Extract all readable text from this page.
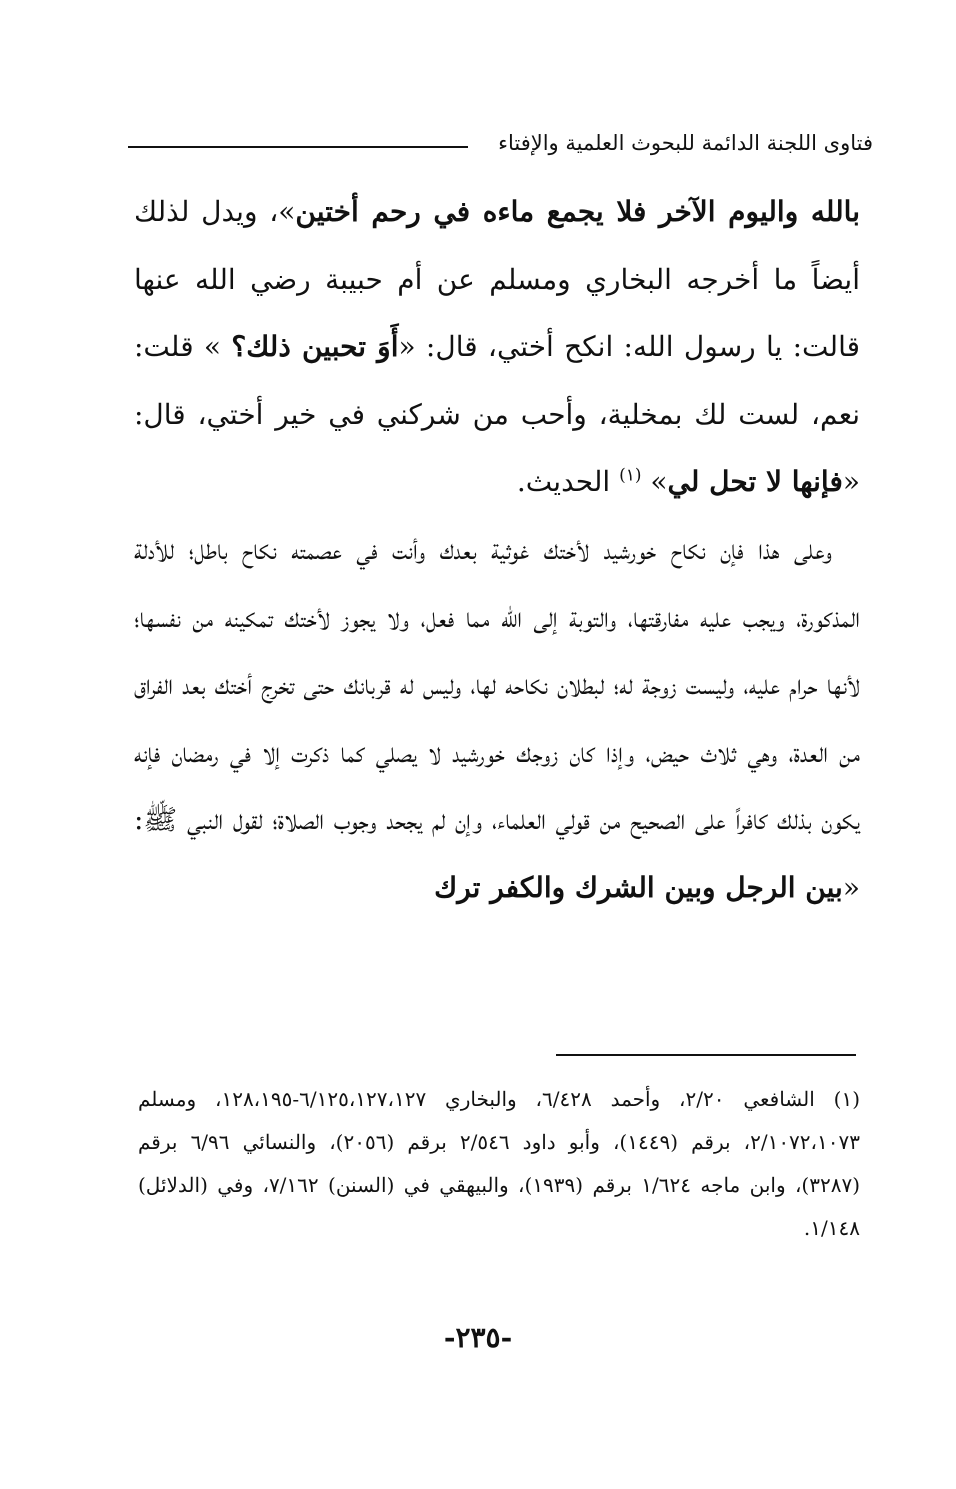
فتاوى اللجنة الدائمة للبحوث العلمية والإفتاء

بالله واليوم الآخر فلا يجمع ماءه في رحم أختين»، ويدل لذلك أيضاً ما أخرجه البخاري ومسلم عن أم حبيبة رضي الله عنها قالت: يا رسول الله: انكح أختي، قال: «أَوَ تحبين ذلك؟ » قلت: نعم، لست لك بمخلية، وأحب من شركني في خير أختي، قال: «فإنها لا تحل لي» $^{(١)}$ الحديث.

وعلى هذا فإن نكاح خورشيد لأختك غوثية بعدك وأنت في عصمته نكاح باطل؛ للأدلة المذكورة، ويجب عليه مفارقتها، والتوبة إلى الله مما فعل، ولا يجوز لأختك تمكينه من نفسها؛ لأنها حرام عليه، وليست زوجة له؛ لبطلان نكاحه لها، وليس له قربانك حتى تخرج أختك بعد الفراق من العدة، وهي ثلاث حيض، وإذا كان زوجك خورشيد لا يصلي كما ذكرت إلا في رمضان فإنه يكون بذلك كافراً على الصحيح من قولي العلماء، وإن لم يجحد وجوب الصلاة؛ لقول النبي ﷺ: «بين الرجل وبين الشرك والكفر ترك

(١) الشافعي ٢/٢٠، وأحمد ٦/٤٢٨، والبخاري ٦/١٢٥،١٢٧،١٢٧-١٢٨،١٩٥، ومسلم ٢/١٠٧٢،١٠٧٣، برقم (١٤٤٩)، وأبو داود ٢/٥٤٦ برقم (٢٠٥٦)، والنسائي ٦/٩٦ برقم (٣٢٨٧)، وابن ماجه ١/٦٢٤ برقم (١٩٣٩)، والبيهقي في (السنن) ٧/١٦٢، وفي (الدلائل) ١/١٤٨.

-٢٣٥-
